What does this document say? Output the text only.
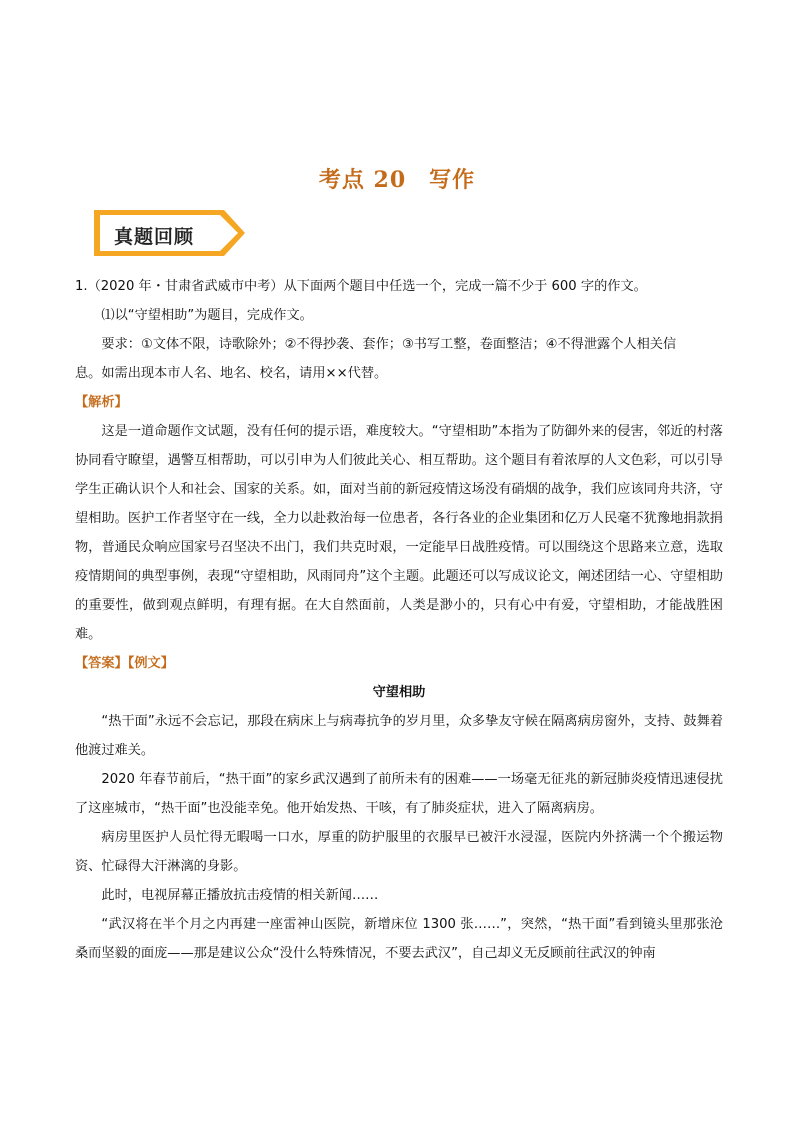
考点 20　写作
真题回顾

1.（2020 年・甘肃省武威市中考）从下面两个题目中任选一个，完成一篇不少于 600 字的作文。

⑴以“守望相助”为题目，完成作文。

要求：①文体不限，诗歌除外；②不得抄袭、套作；③书写工整，卷面整洁；④不得泄露个人相关信

息。如需出现本市人名、地名、校名，请用××代替。

【解析】

这是一道命题作文试题，没有任何的提示语，难度较大。“守望相助”本指为了防御外来的侵害，邻近的村落协同看守瞭望，遇警互相帮助，可以引申为人们彼此关心、相互帮助。这个题目有着浓厚的人文色彩，可以引导学生正确认识个人和社会、国家的关系。如，面对当前的新冠疫情这场没有硝烟的战争，我们应该同舟共济，守望相助。医护工作者坚守在一线，全力以赴救治每一位患者，各行各业的企业集团和亿万人民毫不犹豫地捐款捐物，普通民众响应国家号召坚决不出门，我们共克时艰，一定能早日战胜疫情。可以围绕这个思路来立意，选取疫情期间的典型事例，表现“守望相助，风雨同舟”这个主题。此题还可以写成议论文，阐述团结一心、守望相助的重要性，做到观点鲜明，有理有据。在大自然面前，人类是渺小的，只有心中有爱，守望相助，才能战胜困难。

【答案】【例文】

守望相助

“热干面”永远不会忘记，那段在病床上与病毒抗争的岁月里，众多挚友守候在隔离病房窗外，支持、鼓舞着他渡过难关。

2020 年春节前后，“热干面”的家乡武汉遇到了前所未有的困难——一场毫无征兆的新冠肺炎疫情迅速侵扰了这座城市，“热干面”也没能幸免。他开始发热、干咳，有了肺炎症状，进入了隔离病房。

病房里医护人员忙得无暇喝一口水，厚重的防护服里的衣服早已被汗水浸湿，医院内外挤满一个个搬运物资、忙碌得大汗淋漓的身影。

此时，电视屏幕正播放抗击疫情的相关新闻……

“武汉将在半个月之内再建一座雷神山医院，新增床位 1300 张……”，突然，“热干面”看到镜头里那张沧桑而坚毅的面庞——那是建议公众“没什么特殊情况，不要去武汉”，自己却义无反顾前往武汉的钟南
